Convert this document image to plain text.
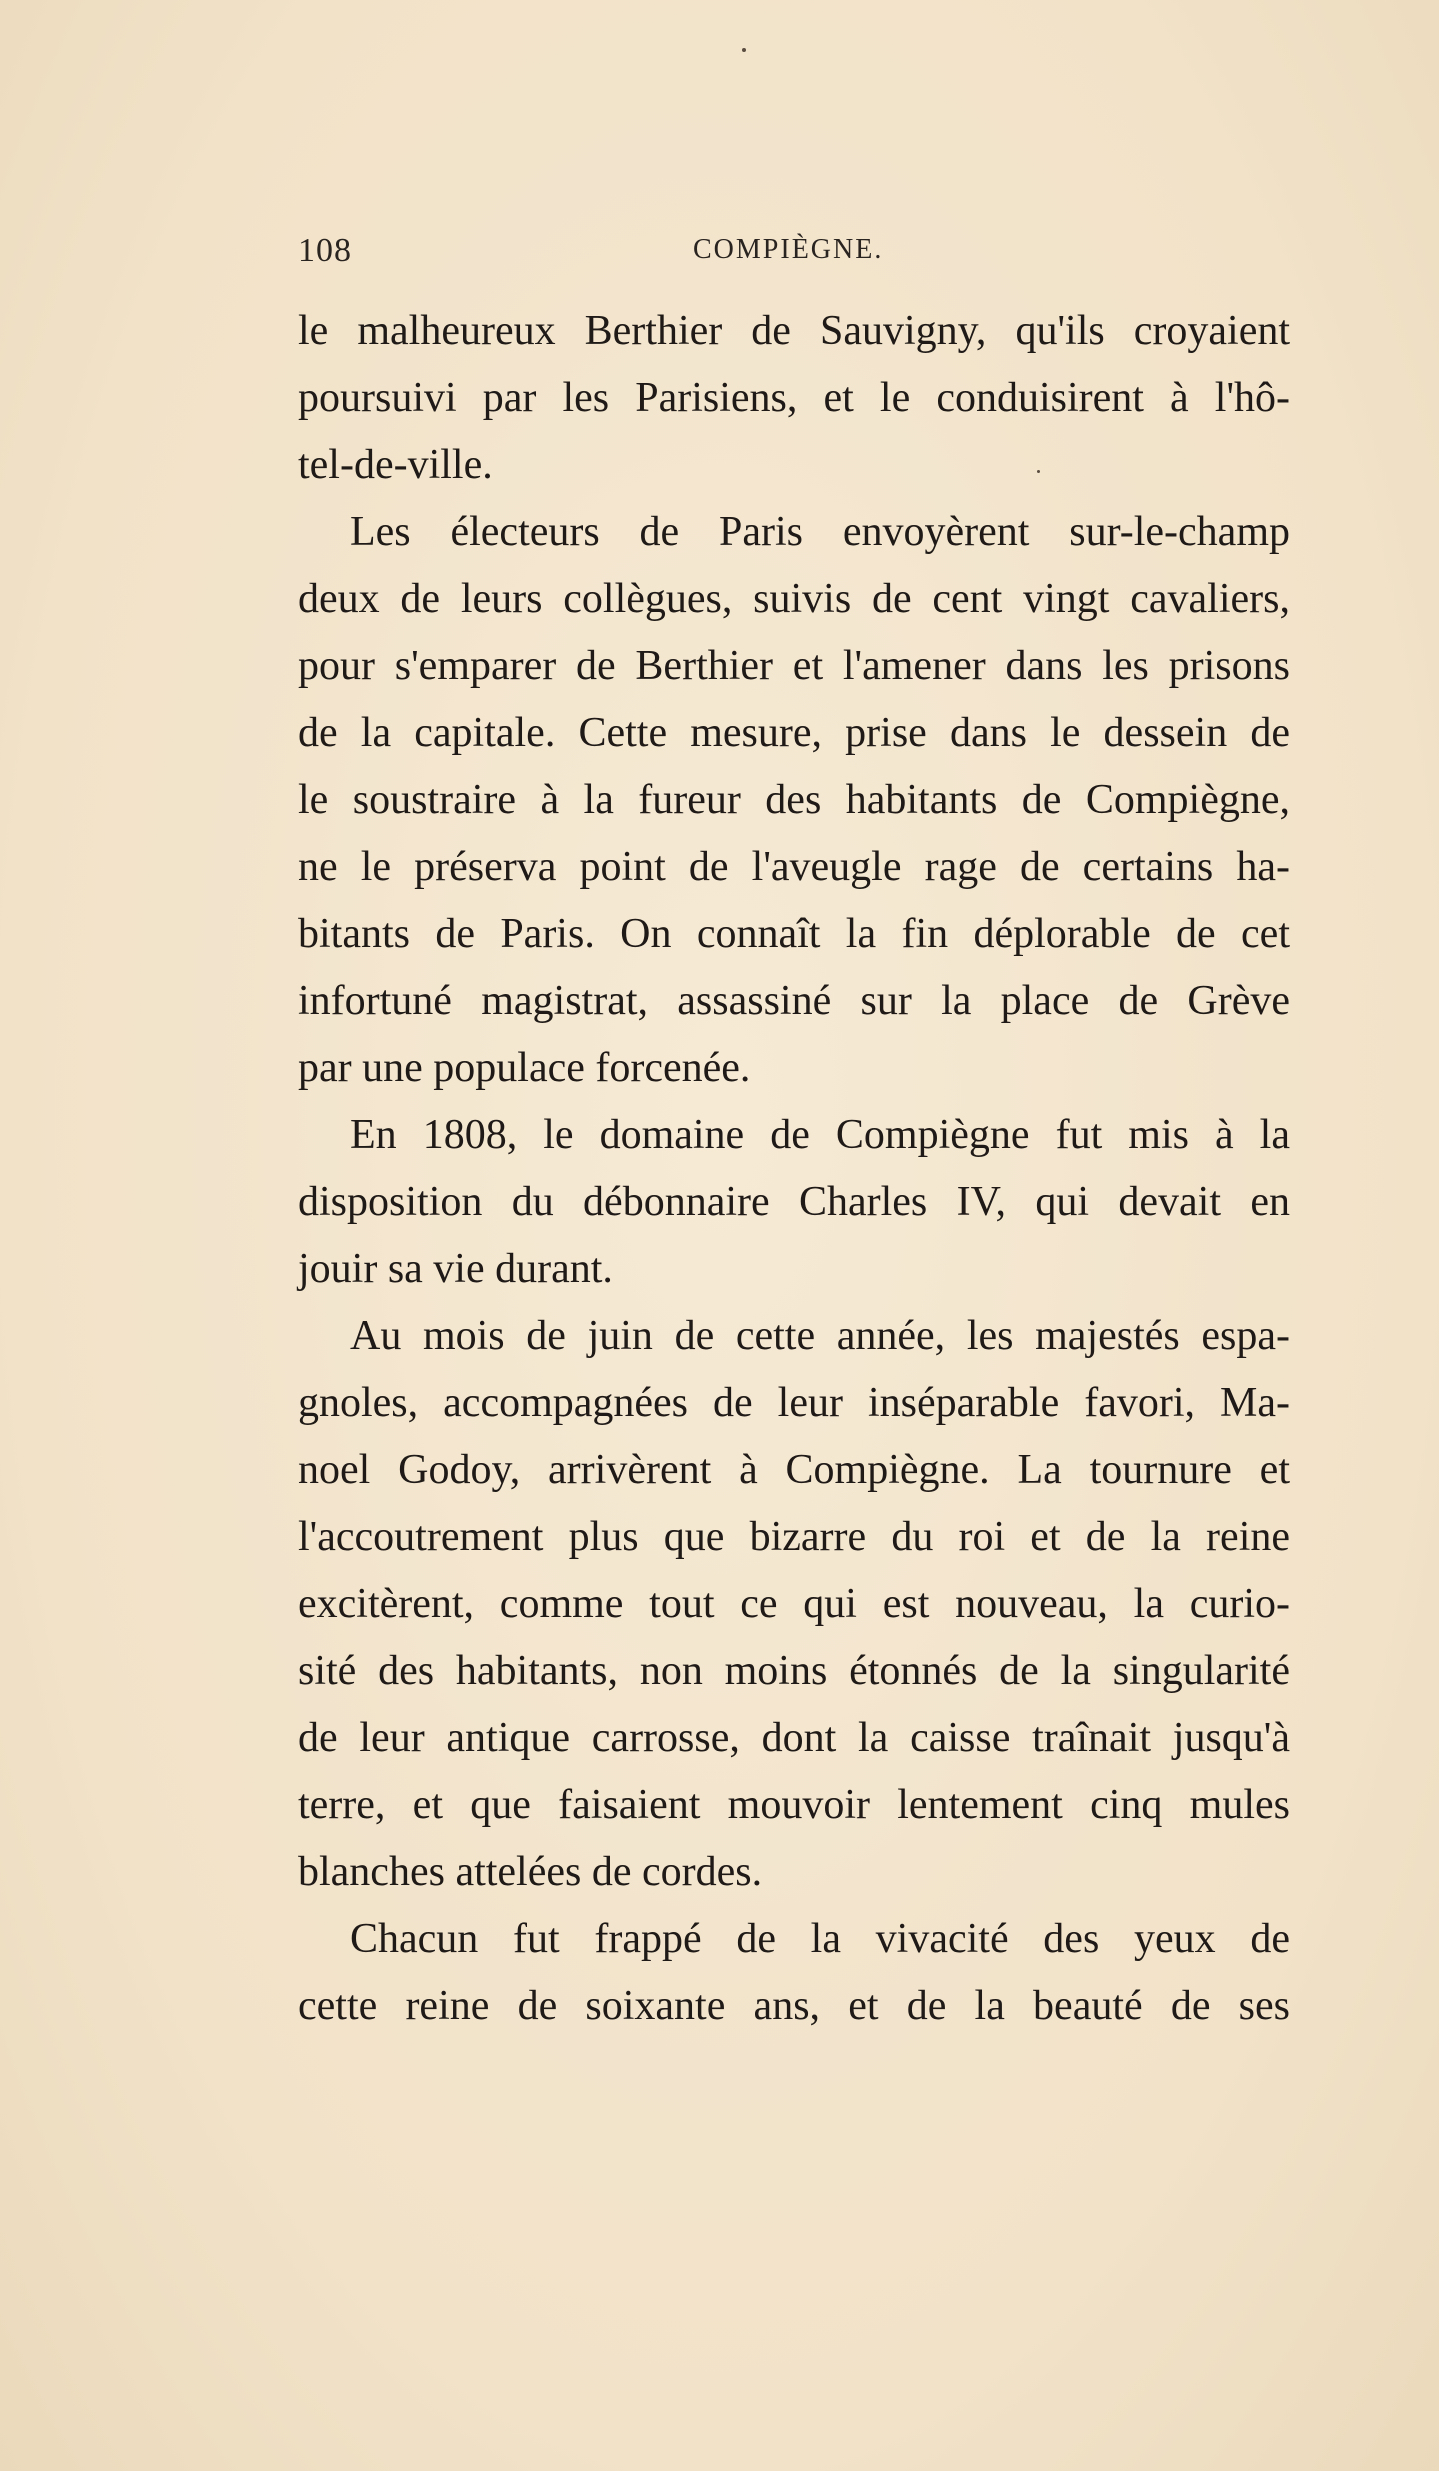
108	COMPIÈGNE.
le malheureux Berthier de Sauvigny, qu'ils croyaient
poursuivi par les Parisiens, et le conduisirent à l'hô-
tel-de-ville.
Les électeurs de Paris envoyèrent sur-le-champ
deux de leurs collègues, suivis de cent vingt cavaliers,
pour s'emparer de Berthier et l'amener dans les prisons
de la capitale. Cette mesure, prise dans le dessein de
le soustraire à la fureur des habitants de Compiègne,
ne le préserva point de l'aveugle rage de certains ha-
bitants de Paris. On connaît la fin déplorable de cet
infortuné magistrat, assassiné sur la place de Grève
par une populace forcenée.
En 1808, le domaine de Compiègne fut mis à la
disposition du débonnaire Charles IV, qui devait en
jouir sa vie durant.
Au mois de juin de cette année, les majestés espa-
gnoles, accompagnées de leur inséparable favori, Ma-
noel Godoy, arrivèrent à Compiègne. La tournure et
l'accoutrement plus que bizarre du roi et de la reine
excitèrent, comme tout ce qui est nouveau, la curio-
sité des habitants, non moins étonnés de la singularité
de leur antique carrosse, dont la caisse traînait jusqu'à
terre, et que faisaient mouvoir lentement cinq mules
blanches attelées de cordes.
Chacun fut frappé de la vivacité des yeux de
cette reine de soixante ans, et de la beauté de ses
